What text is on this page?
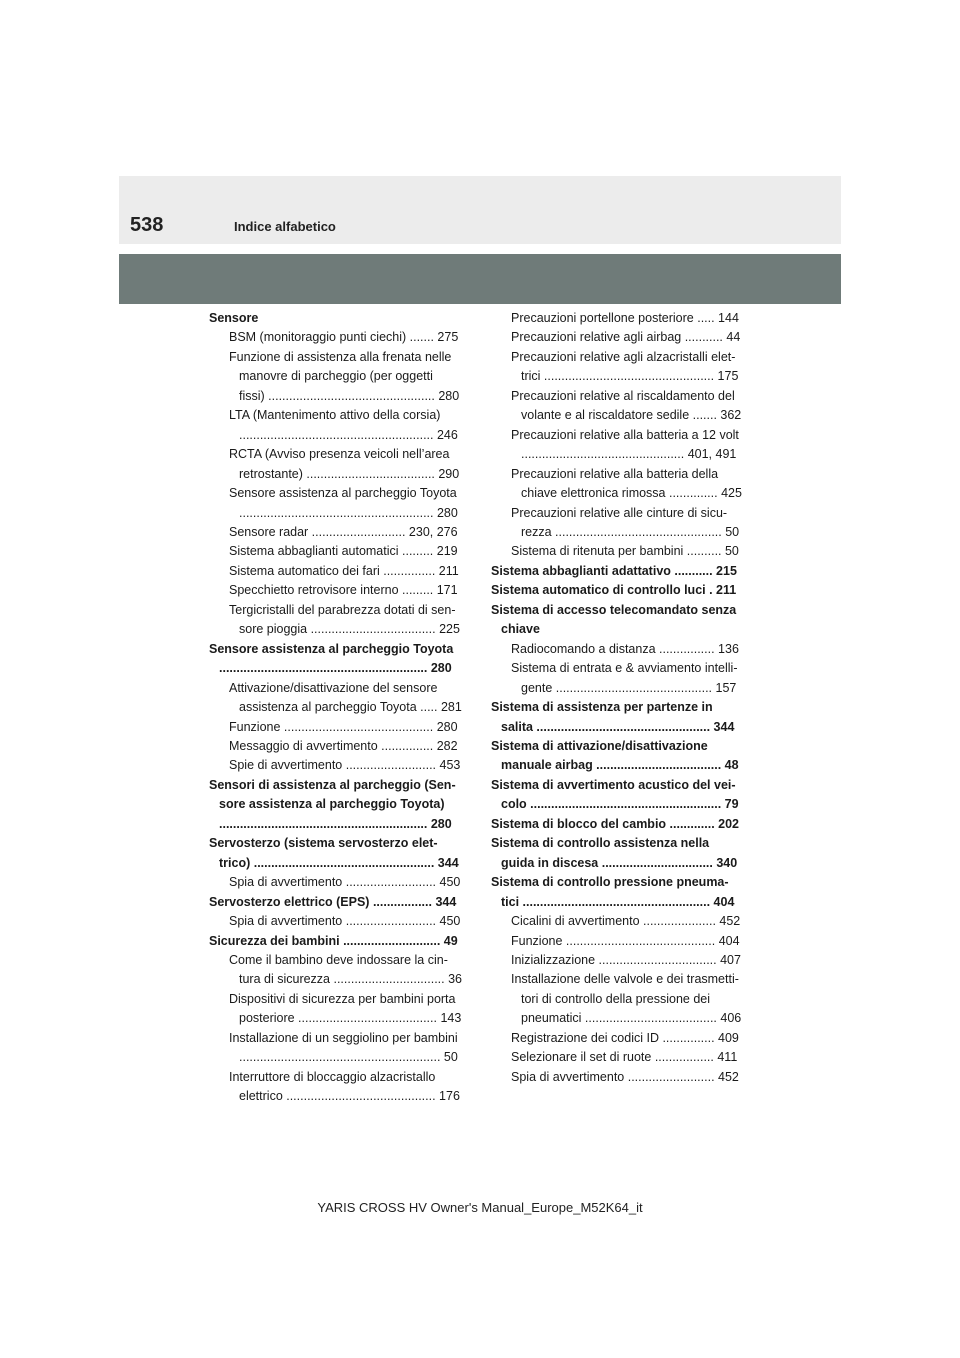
538	Indice alfabetico
Sensore
BSM (monitoraggio punti ciechi) ....... 275
Funzione di assistenza alla frenata nelle
manovre di parcheggio (per oggetti
fissi) ................................................ 280
LTA (Mantenimento attivo della corsia)
........................................................ 246
RCTA (Avviso presenza veicoli nell’area
retrostante) ..................................... 290
Sensore assistenza al parcheggio Toyota
........................................................ 280
Sensore radar ........................... 230, 276
Sistema abbaglianti automatici ......... 219
Sistema automatico dei fari ............... 211
Specchietto retrovisore interno ......... 171
Tergicristalli del parabrezza dotati di sen-
sore pioggia .................................... 225
Sensore assistenza al parcheggio Toyota
............................................................ 280
Attivazione/disattivazione del sensore
assistenza al parcheggio Toyota ..... 281
Funzione ........................................... 280
Messaggio di avvertimento ............... 282
Spie di avvertimento .......................... 453
Sensori di assistenza al parcheggio (Sen-
sore assistenza al parcheggio Toyota)
............................................................ 280
Servosterzo (sistema servosterzo elet-
trico) .................................................... 344
Spia di avvertimento .......................... 450
Servosterzo elettrico (EPS) ................. 344
Spia di avvertimento .......................... 450
Sicurezza dei bambini ............................ 49
Come il bambino deve indossare la cin-
tura di sicurezza ................................ 36
Dispositivi di sicurezza per bambini porta
posteriore ........................................ 143
Installazione di un seggiolino per bambini
.......................................................... 50
Interruttore di bloccaggio alzacristallo
elettrico ........................................... 176
Precauzioni portellone posteriore ..... 144
Precauzioni relative agli airbag ........... 44
Precauzioni relative agli alzacristalli elet-
trici ................................................. 175
Precauzioni relative al riscaldamento del
volante e al riscaldatore sedile ....... 362
Precauzioni relative alla batteria a 12 volt
............................................... 401, 491
Precauzioni relative alla batteria della
chiave elettronica rimossa .............. 425
Precauzioni relative alle cinture di sicu-
rezza ................................................ 50
Sistema di ritenuta per bambini .......... 50
Sistema abbaglianti adattativo ........... 215
Sistema automatico di controllo luci . 211
Sistema di accesso telecomandato senza
chiave
Radiocomando a distanza ................ 136
Sistema di entrata e & avviamento intelli-
gente ............................................. 157
Sistema di assistenza per partenze in
salita .................................................. 344
Sistema di attivazione/disattivazione
manuale airbag .................................... 48
Sistema di avvertimento acustico del vei-
colo ....................................................... 79
Sistema di blocco del cambio ............. 202
Sistema di controllo assistenza nella
guida in discesa ................................ 340
Sistema di controllo pressione pneuma-
tici ...................................................... 404
Cicalini di avvertimento ..................... 452
Funzione ........................................... 404
Inizializzazione .................................. 407
Installazione delle valvole e dei trasmetti-
tori di controllo della pressione dei
pneumatici ...................................... 406
Registrazione dei codici ID ............... 409
Selezionare il set di ruote ................. 411
Spia di avvertimento ......................... 452
YARIS CROSS HV Owner's Manual_Europe_M52K64_it
